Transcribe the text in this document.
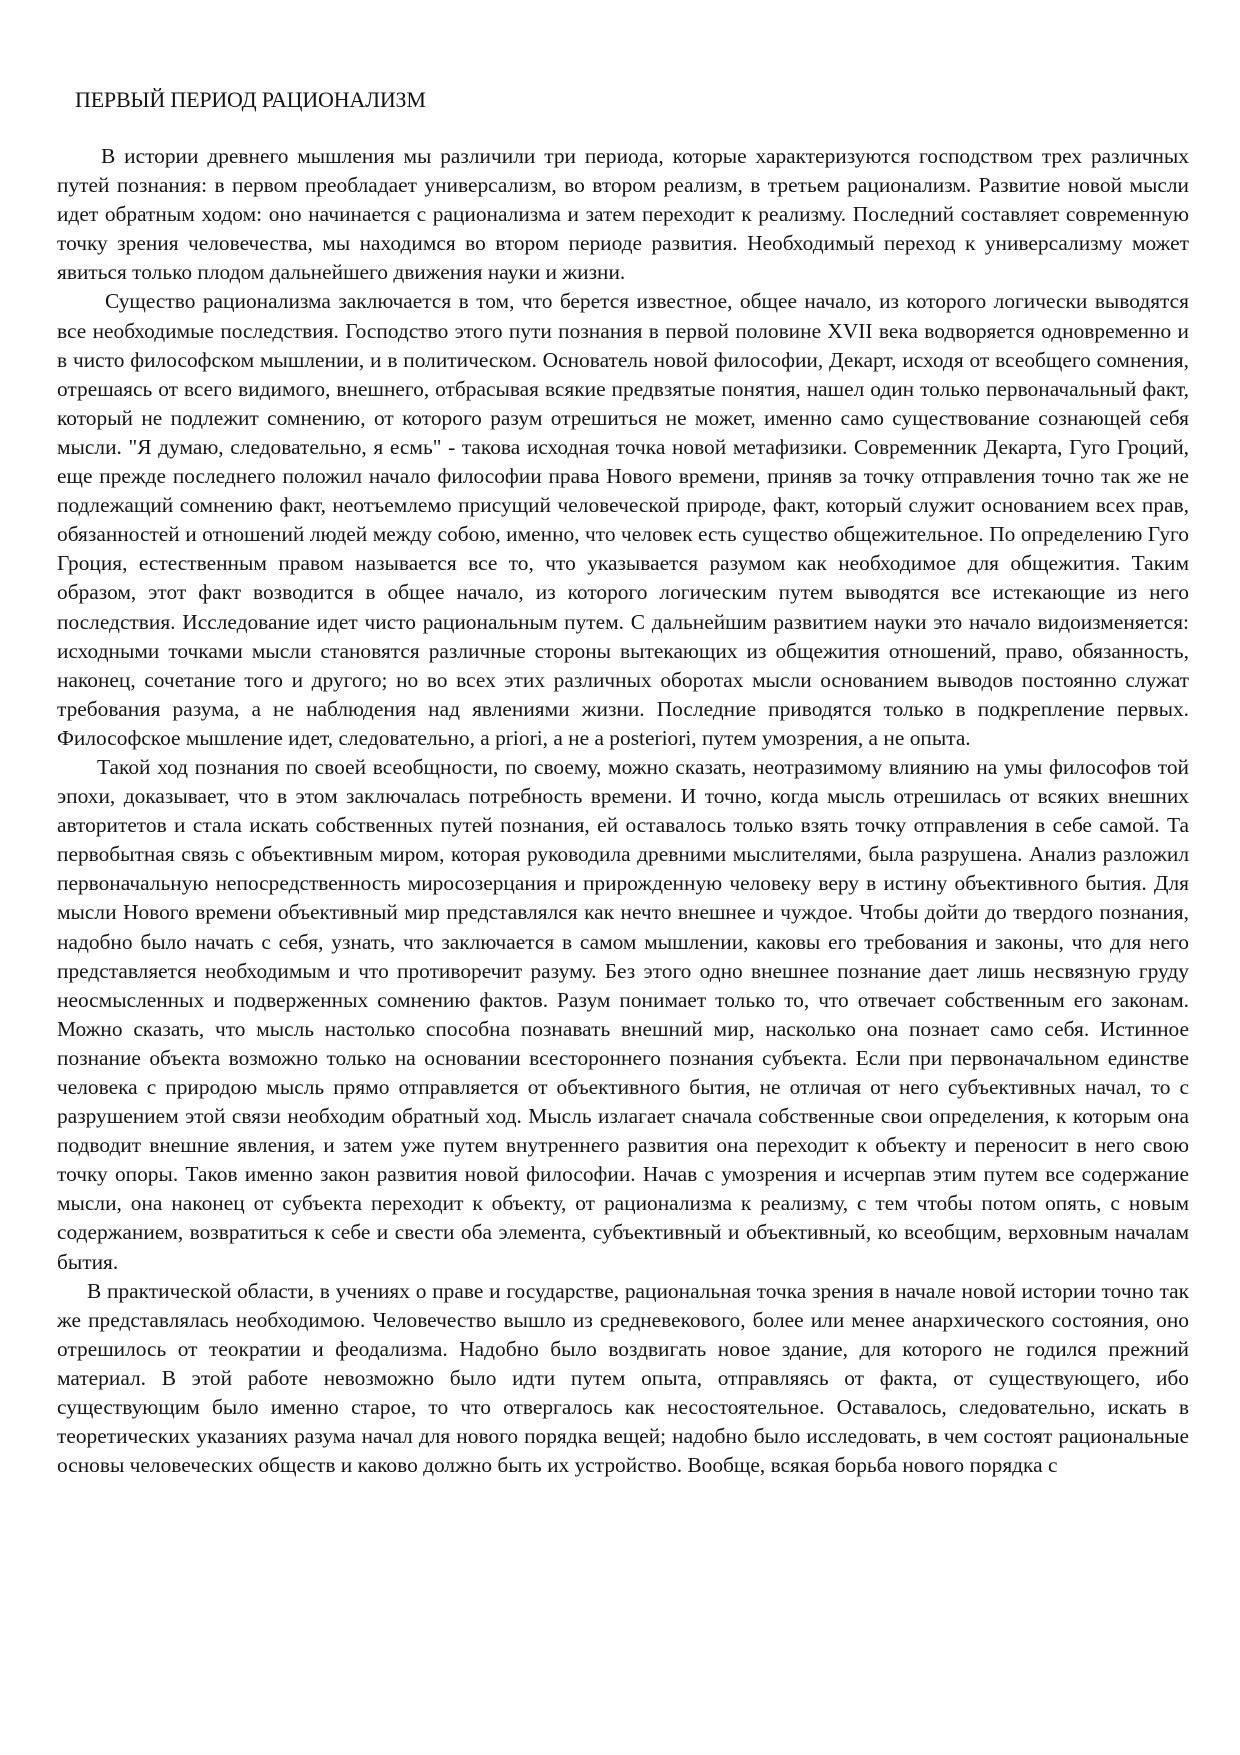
ПЕРВЫЙ ПЕРИОД РАЦИОНАЛИЗМ

В истории древнего мышления мы различили три периода, которые характеризуются господством трех различных путей познания: в первом преобладает универсализм, во втором реализм, в третьем рационализм. Развитие новой мысли идет обратным ходом: оно начинается с рационализма и затем переходит к реализму. Последний составляет современную точку зрения человечества, мы находимся во втором периоде развития. Необходимый переход к универсализму может явиться только плодом дальнейшего движения науки и жизни.

Существо рационализма заключается в том, что берется известное, общее начало, из которого логически выводятся все необходимые последствия. Господство этого пути познания в первой половине XVII века водворяется одновременно и в чисто философском мышлении, и в политическом. Основатель новой философии, Декарт, исходя от всеобщего сомнения, отрешаясь от всего видимого, внешнего, отбрасывая всякие предвзятые понятия, нашел один только первоначальный факт, который не подлежит сомнению, от которого разум отрешиться не может, именно само существование сознающей себя мысли. "Я думаю, следовательно, я есмь" - такова исходная точка новой метафизики. Современник Декарта, Гуго Гроций, еще прежде последнего положил начало философии права Нового времени, приняв за точку отправления точно так же не подлежащий сомнению факт, неотъемлемо присущий человеческой природе, факт, который служит основанием всех прав, обязанностей и отношений людей между собою, именно, что человек есть существо общежительное. По определению Гуго Гроция, естественным правом называется все то, что указывается разумом как необходимое для общежития. Таким образом, этот факт возводится в общее начало, из которого логическим путем выводятся все истекающие из него последствия. Исследование идет чисто рациональным путем. С дальнейшим развитием науки это начало видоизменяется: исходными точками мысли становятся различные стороны вытекающих из общежития отношений, право, обязанность, наконец, сочетание того и другого; но во всех этих различных оборотах мысли основанием выводов постоянно служат требования разума, а не наблюдения над явлениями жизни. Последние приводятся только в подкрепление первых. Философское мышление идет, следовательно, a priori, а не a posteriori, путем умозрения, а не опыта.

Такой ход познания по своей всеобщности, по своему, можно сказать, неотразимому влиянию на умы философов той эпохи, доказывает, что в этом заключалась потребность времени. И точно, когда мысль отрешилась от всяких внешних авторитетов и стала искать собственных путей познания, ей оставалось только взять точку отправления в себе самой. Та первобытная связь с объективным миром, которая руководила древними мыслителями, была разрушена. Анализ разложил первоначальную непосредственность миросозерцания и прирожденную человеку веру в истину объективного бытия. Для мысли Нового времени объективный мир представлялся как нечто внешнее и чуждое. Чтобы дойти до твердого познания, надобно было начать с себя, узнать, что заключается в самом мышлении, каковы его требования и законы, что для него представляется необходимым и что противоречит разуму. Без этого одно внешнее познание дает лишь несвязную груду неосмысленных и подверженных сомнению фактов. Разум понимает только то, что отвечает собственным его законам. Можно сказать, что мысль настолько способна познавать внешний мир, насколько она познает само себя. Истинное познание объекта возможно только на основании всестороннего познания субъекта. Если при первоначальном единстве человека с природою мысль прямо отправляется от объективного бытия, не отличая от него субъективных начал, то с разрушением этой связи необходим обратный ход. Мысль излагает сначала собственные свои определения, к которым она подводит внешние явления, и затем уже путем внутреннего развития она переходит к объекту и переносит в него свою точку опоры. Таков именно закон развития новой философии. Начав с умозрения и исчерпав этим путем все содержание мысли, она наконец от субъекта переходит к объекту, от рационализма к реализму, с тем чтобы потом опять, с новым содержанием, возвратиться к себе и свести оба элемента, субъективный и объективный, ко всеобщим, верховным началам бытия.

В практической области, в учениях о праве и государстве, рациональная точка зрения в начале новой истории точно так же представлялась необходимою. Человечество вышло из средневекового, более или менее анархического состояния, оно отрешилось от теократии и феодализма. Надобно было воздвигать новое здание, для которого не годился прежний материал. В этой работе невозможно было идти путем опыта, отправляясь от факта, от существующего, ибо существующим было именно старое, то что отвергалось как несостоятельное. Оставалось, следовательно, искать в теоретических указаниях разума начал для нового порядка вещей; надобно было исследовать, в чем состоят рациональные основы человеческих обществ и каково должно быть их устройство. Вообще, всякая борьба нового порядка с
